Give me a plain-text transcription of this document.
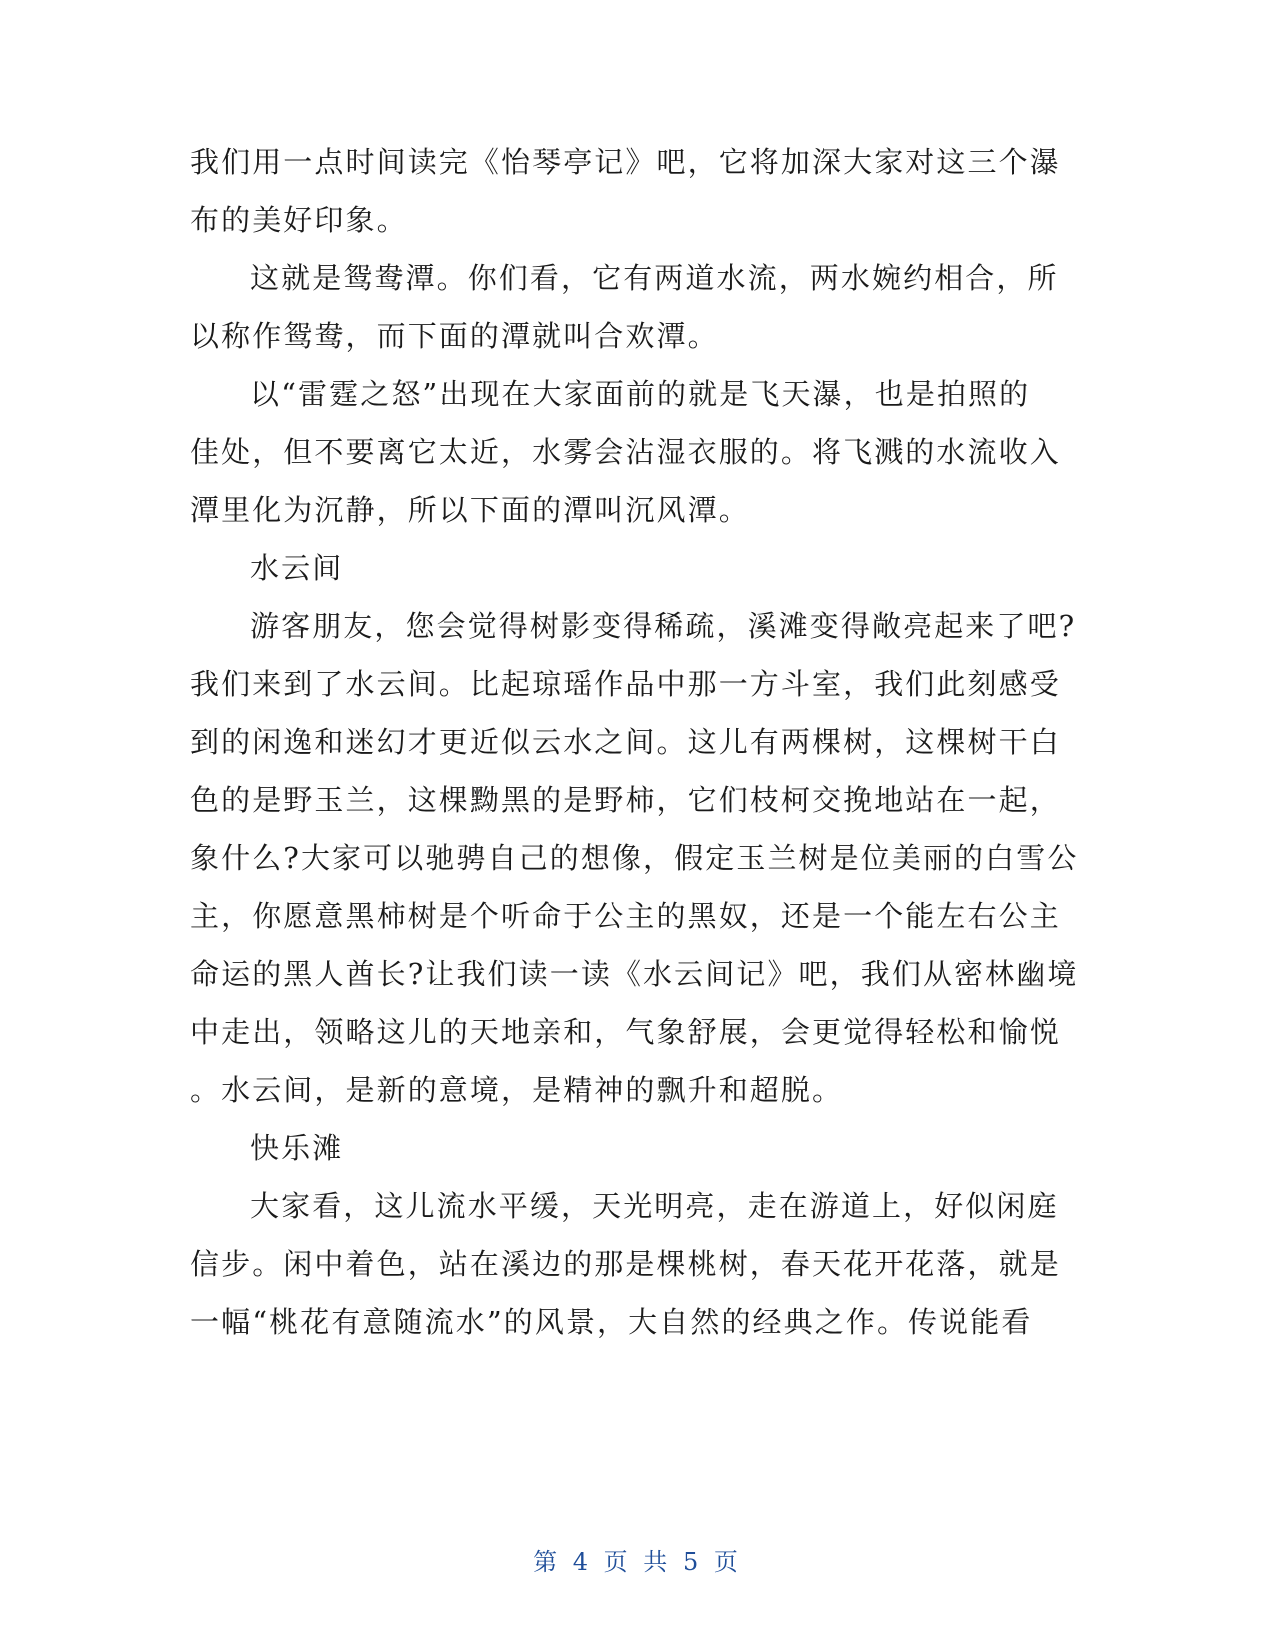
我们用一点时间读完《怡琴亭记》吧，它将加深大家对这三个瀑
布的美好印象。
这就是鸳鸯潭。你们看，它有两道水流，两水婉约相合，所
以称作鸳鸯，而下面的潭就叫合欢潭。
以“雷霆之怒”出现在大家面前的就是飞天瀑，也是拍照的
佳处，但不要离它太近，水雾会沾湿衣服的。将飞溅的水流收入
潭里化为沉静，所以下面的潭叫沉风潭。
水云间
游客朋友，您会觉得树影变得稀疏，溪滩变得敞亮起来了吧?
我们来到了水云间。比起琼瑶作品中那一方斗室，我们此刻感受
到的闲逸和迷幻才更近似云水之间。这儿有两棵树，这棵树干白
色的是野玉兰，这棵黝黑的是野柿，它们枝柯交挽地站在一起，
象什么?大家可以驰骋自己的想像，假定玉兰树是位美丽的白雪公
主，你愿意黑柿树是个听命于公主的黑奴，还是一个能左右公主
命运的黑人酋长?让我们读一读《水云间记》吧，我们从密林幽境
中走出，领略这儿的天地亲和，气象舒展，会更觉得轻松和愉悦
。水云间，是新的意境，是精神的飘升和超脱。
快乐滩
大家看，这儿流水平缓，天光明亮，走在游道上，好似闲庭
信步。闲中着色，站在溪边的那是棵桃树，春天花开花落，就是
一幅“桃花有意随流水”的风景，大自然的经典之作。传说能看
第 4 页 共 5 页
